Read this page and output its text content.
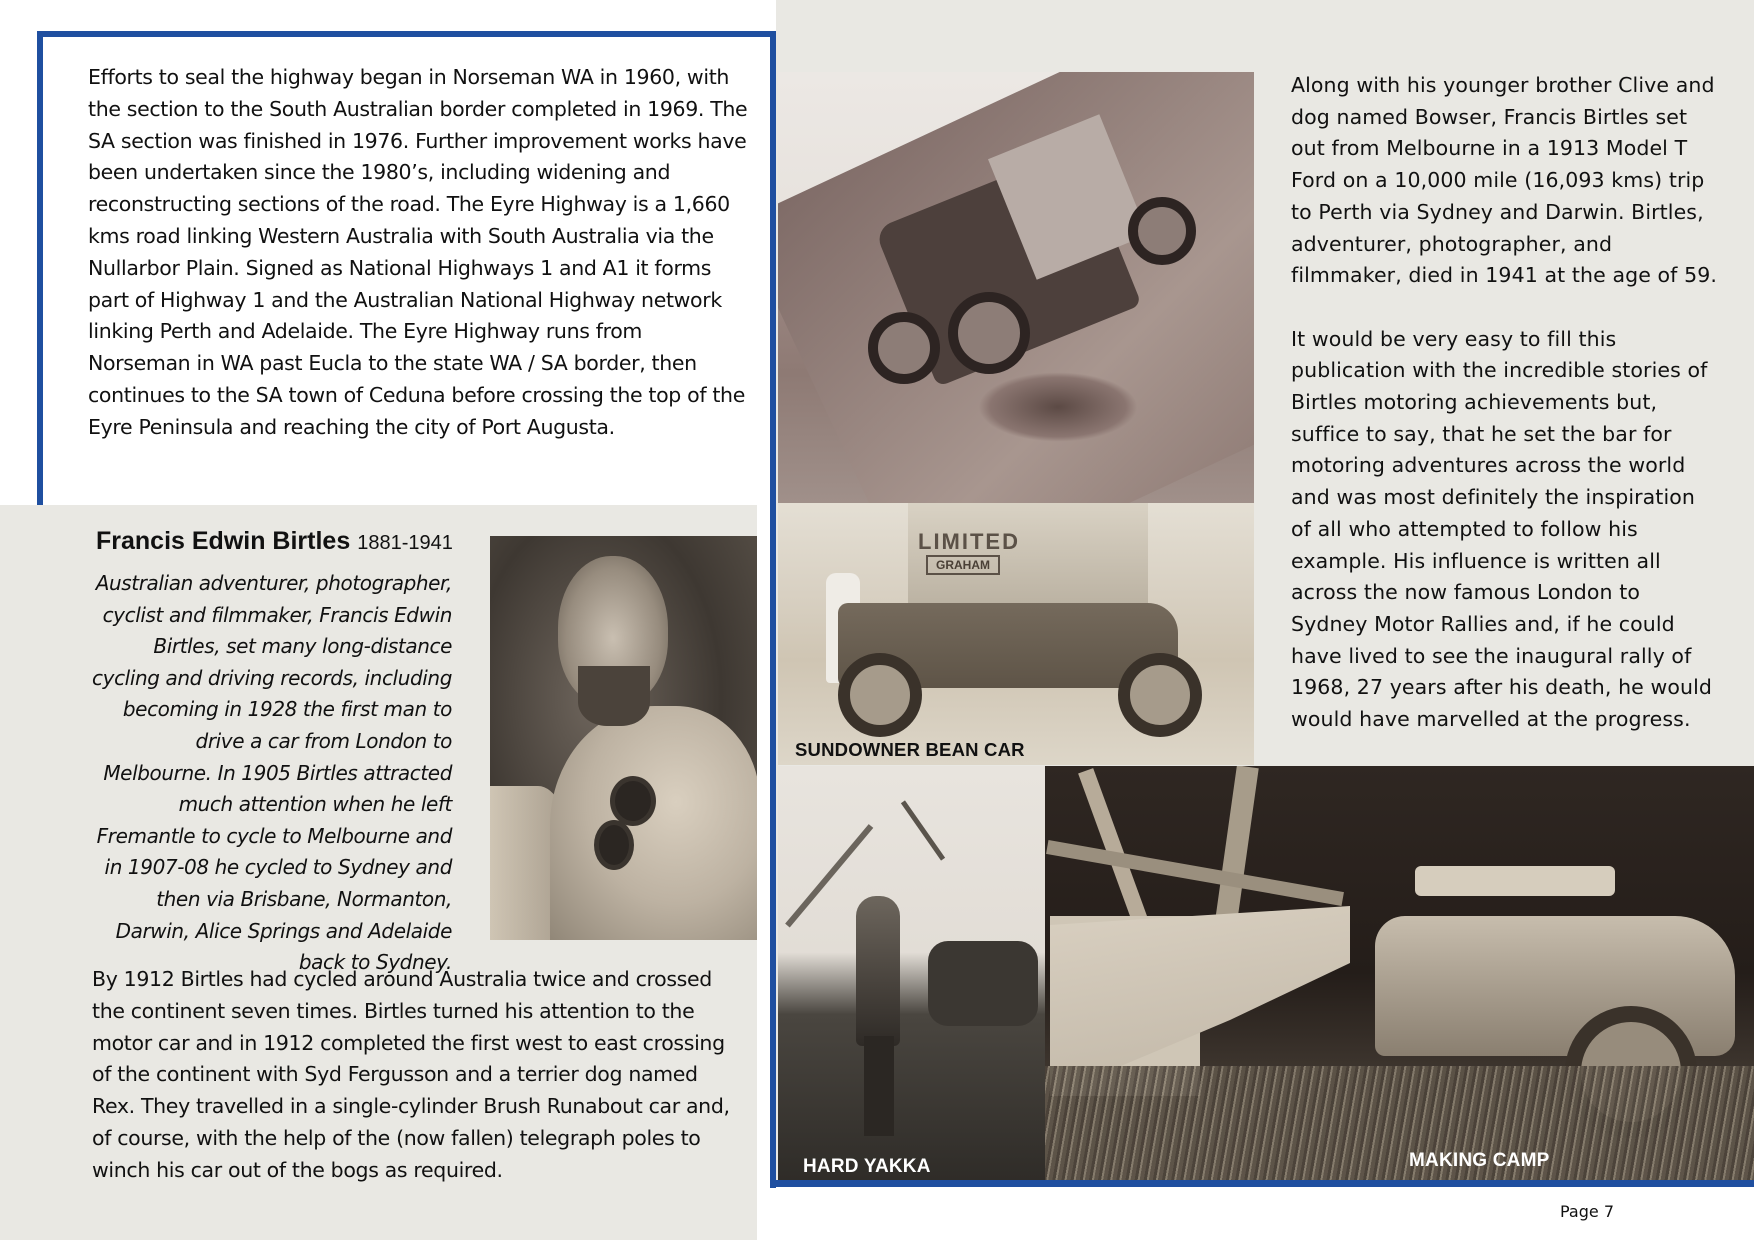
Efforts to seal the highway began in Norseman WA in 1960, with the section to the South Australian border completed in 1969. The SA section was finished in 1976. Further improvement works have been undertaken since the 1980’s, including widening and reconstructing sections of the road. The Eyre Highway is a 1,660 kms road linking Western Australia with South Australia via the Nullarbor Plain. Signed as National Highways 1 and A1 it forms part of Highway 1 and the Australian National Highway network linking Perth and Adelaide. The Eyre Highway runs from Norseman in WA past Eucla to the state WA / SA border, then continues to the SA town of Ceduna before crossing the top of the Eyre Peninsula and reaching the city of Port Augusta.
Francis Edwin Birtles 1881-1941
Australian adventurer, photographer, cyclist and filmmaker, Francis Edwin Birtles, set many long-distance cycling and driving records, including becoming in 1928 the first man to drive a car from London to Melbourne. In 1905 Birtles attracted much attention when he left Fremantle to cycle to Melbourne and in 1907-08 he cycled to Sydney and then via Brisbane, Normanton, Darwin, Alice Springs and Adelaide back to Sydney.
By 1912 Birtles had cycled around Australia twice and crossed the continent seven times. Birtles turned his attention to the motor car and in 1912 completed the first west to east crossing of the continent with Syd Fergusson and a terrier dog named Rex. They travelled in a single-cylinder Brush Runabout car and, of course, with the help of the (now fallen) telegraph poles to winch his car out of the bogs as required.
LIMITED
GRAHAM
SUNDOWNER BEAN CAR
HARD YAKKA	MAKING CAMP

Along with his younger brother Clive and dog named Bowser, Francis Birtles set out from Melbourne in a 1913 Model T Ford on a 10,000 mile (16,093 kms) trip to Perth via Sydney and Darwin. Birtles, adventurer, photographer, and filmmaker, died in 1941 at the age of 59.

It would be very easy to fill this publication with the incredible stories of Birtles motoring achievements but, suffice to say, that he set the bar for motoring adventures across the world and was most definitely the inspiration of all who attempted to follow his example. His influence is written all across the now famous London to Sydney Motor Rallies and, if he could have lived to see the inaugural rally of 1968, 27 years after his death, he would would have marvelled at the progress.

Page 7
